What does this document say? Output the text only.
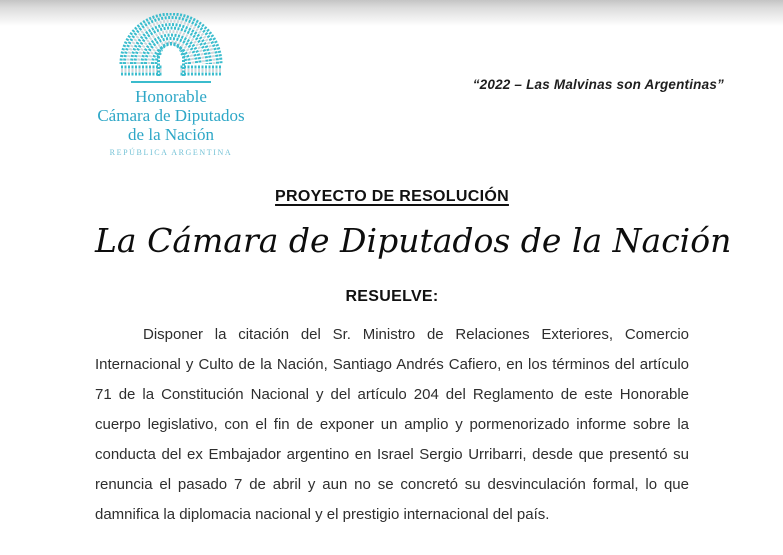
Honorable
Cámara de Diputados
de la Nación
REPÚBLICA ARGENTINA
“2022 – Las Malvinas son Argentinas”
PROYECTO DE RESOLUCIÓN
La Cámara de Diputados de la Nación
RESUELVE:
Disponer la citación del Sr. Ministro de Relaciones Exteriores, Comercio Internacional y Culto de la Nación, Santiago Andrés Cafiero, en los términos del artículo 71 de la Constitución Nacional y del artículo 204 del Reglamento de este Honorable cuerpo legislativo, con el fin de exponer un amplio y pormenorizado informe sobre la conducta del ex Embajador argentino en Israel Sergio Urribarri, desde que presentó su renuncia el pasado 7 de abril y aun no se concretó su desvinculación formal, lo que damnifica la diplomacia nacional y el prestigio internacional del país.
